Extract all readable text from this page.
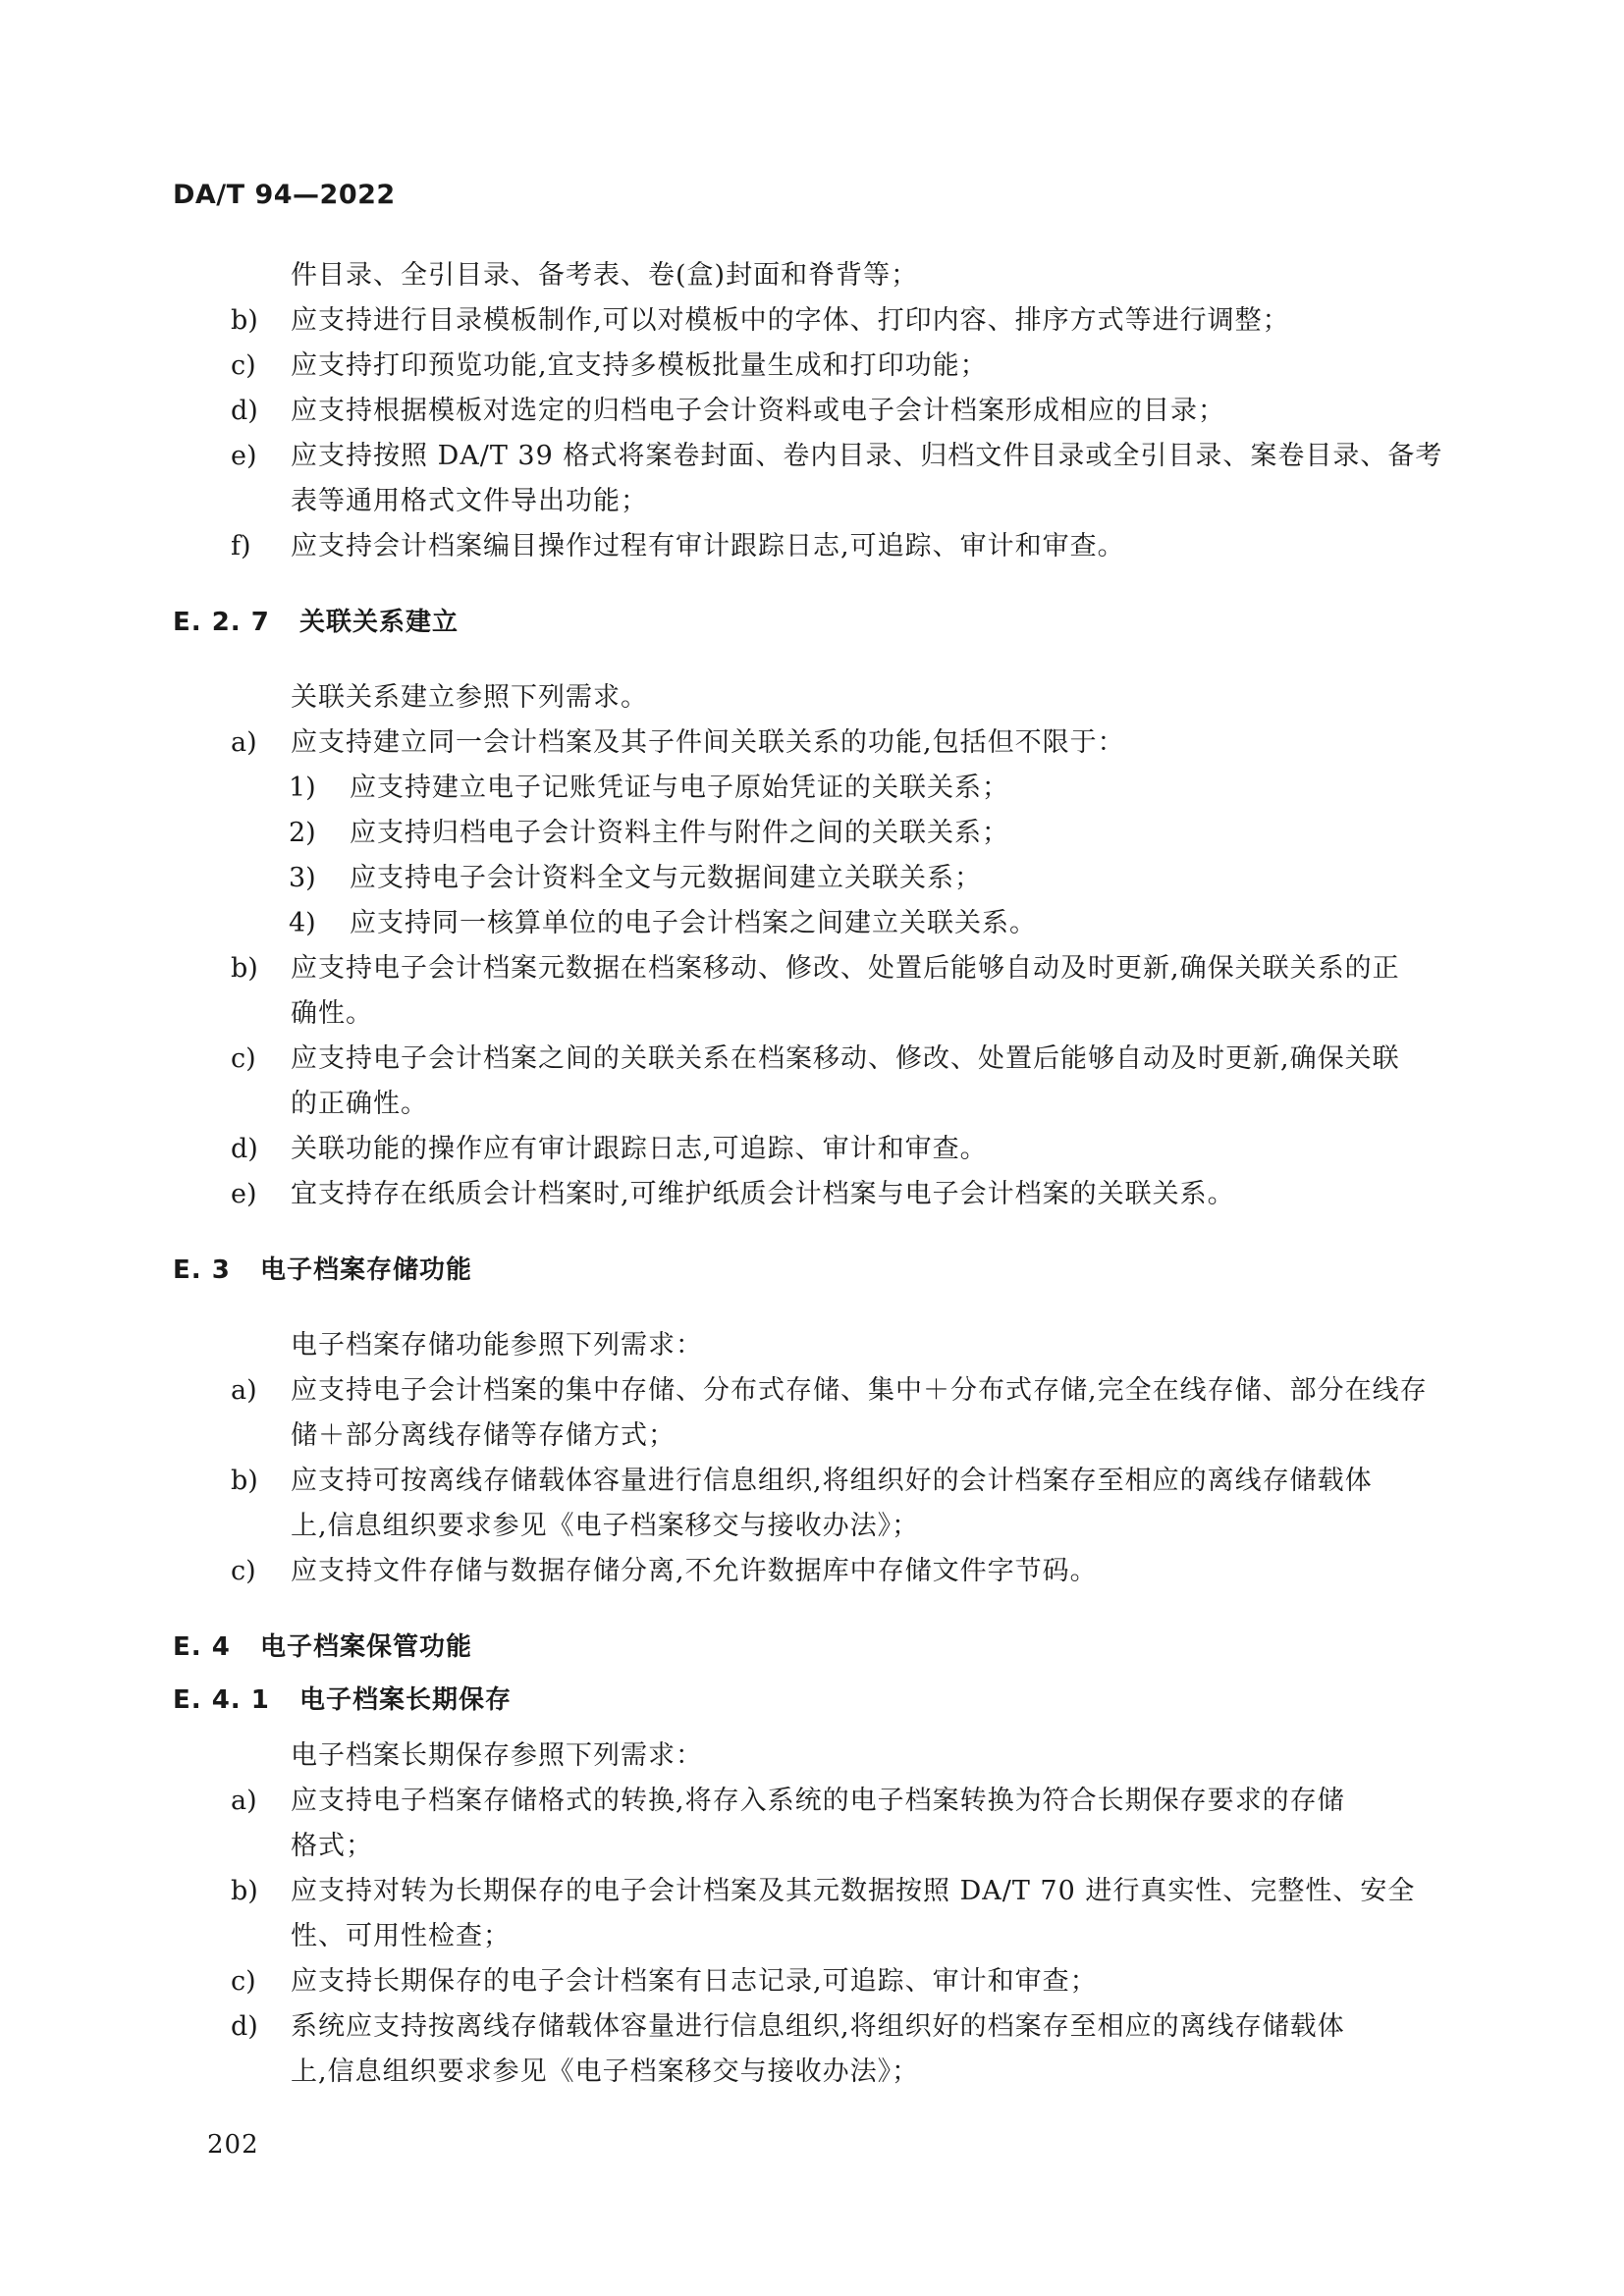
DA/T 94—2022
件目录、全引目录、备考表、卷(盒)封面和脊背等；
b) 应支持进行目录模板制作,可以对模板中的字体、打印内容、排序方式等进行调整；
c) 应支持打印预览功能,宜支持多模板批量生成和打印功能；
d) 应支持根据模板对选定的归档电子会计资料或电子会计档案形成相应的目录；
e) 应支持按照 DA/T 39 格式将案卷封面、卷内目录、归档文件目录或全引目录、案卷目录、备考
表等通用格式文件导出功能；
f) 应支持会计档案编目操作过程有审计跟踪日志,可追踪、审计和审查。
E. 2. 7 关联关系建立
关联关系建立参照下列需求。
a) 应支持建立同一会计档案及其子件间关联关系的功能,包括但不限于：
1) 应支持建立电子记账凭证与电子原始凭证的关联关系；
2) 应支持归档电子会计资料主件与附件之间的关联关系；
3) 应支持电子会计资料全文与元数据间建立关联关系；
4) 应支持同一核算单位的电子会计档案之间建立关联关系。
b) 应支持电子会计档案元数据在档案移动、修改、处置后能够自动及时更新,确保关联关系的正
确性。
c) 应支持电子会计档案之间的关联关系在档案移动、修改、处置后能够自动及时更新,确保关联
的正确性。
d) 关联功能的操作应有审计跟踪日志,可追踪、审计和审查。
e) 宜支持存在纸质会计档案时,可维护纸质会计档案与电子会计档案的关联关系。
E. 3 电子档案存储功能
电子档案存储功能参照下列需求：
a) 应支持电子会计档案的集中存储、分布式存储、集中＋分布式存储,完全在线存储、部分在线存
储＋部分离线存储等存储方式；
b) 应支持可按离线存储载体容量进行信息组织,将组织好的会计档案存至相应的离线存储载体
上,信息组织要求参见《电子档案移交与接收办法》；
c) 应支持文件存储与数据存储分离,不允许数据库中存储文件字节码。
E. 4 电子档案保管功能
E. 4. 1 电子档案长期保存
电子档案长期保存参照下列需求：
a) 应支持电子档案存储格式的转换,将存入系统的电子档案转换为符合长期保存要求的存储
格式；
b) 应支持对转为长期保存的电子会计档案及其元数据按照 DA/T 70 进行真实性、完整性、安全
性、可用性检查；
c) 应支持长期保存的电子会计档案有日志记录,可追踪、审计和审查；
d) 系统应支持按离线存储载体容量进行信息组织,将组织好的档案存至相应的离线存储载体
上,信息组织要求参见《电子档案移交与接收办法》；
202
